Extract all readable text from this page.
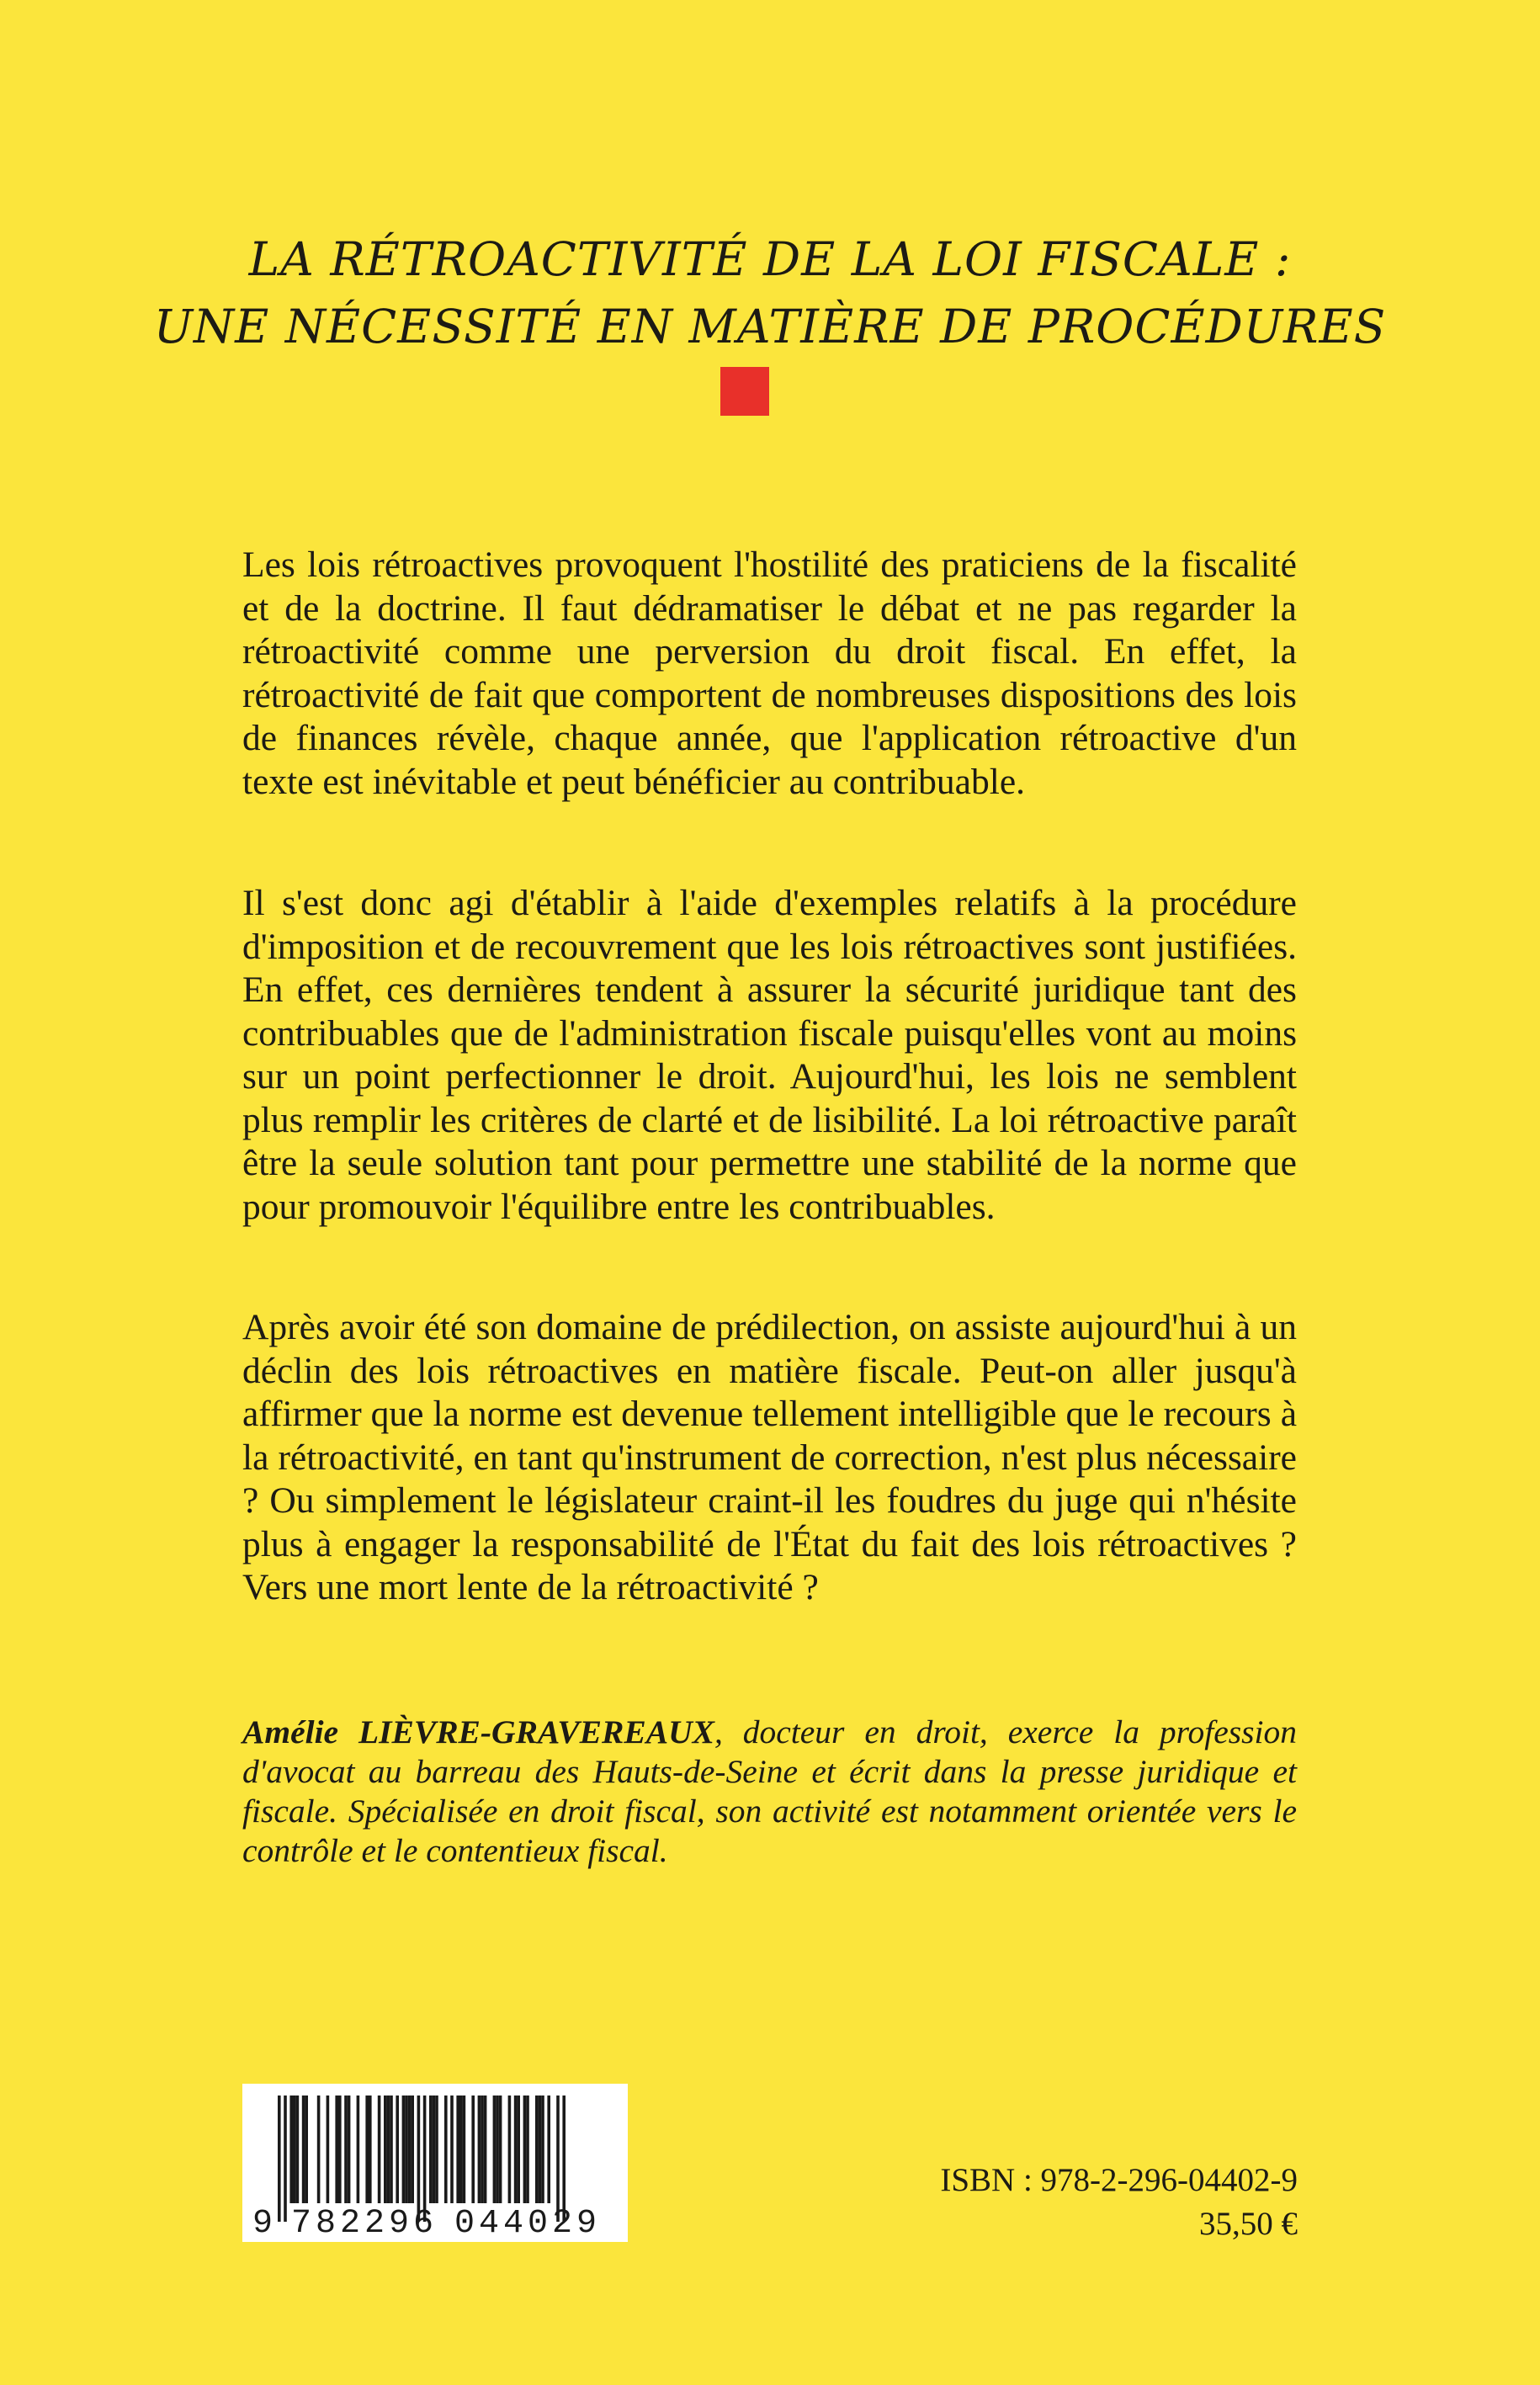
LA RÉTROACTIVITÉ DE LA LOI FISCALE :
UNE NÉCESSITÉ EN MATIÈRE DE PROCÉDURES

Les lois rétroactives provoquent l'hostilité des praticiens de la fiscalité et de la doctrine. Il faut dédramatiser le débat et ne pas regarder la rétroactivité comme une perversion du droit fiscal. En effet, la rétroactivité de fait que comportent de nombreuses dispositions des lois de finances révèle, chaque année, que l'application rétroactive d'un texte est inévitable et peut bénéficier au contribuable.

Il s'est donc agi d'établir à l'aide d'exemples relatifs à la procédure d'imposition et de recouvrement que les lois rétroactives sont justifiées. En effet, ces dernières tendent à assurer la sécurité juridique tant des contribuables que de l'administration fiscale puisqu'elles vont au moins sur un point perfectionner le droit. Aujourd'hui, les lois ne semblent plus remplir les critères de clarté et de lisibilité. La loi rétroactive paraît être la seule solution tant pour permettre une stabilité de la norme que pour promouvoir l'équilibre entre les contribuables.

Après avoir été son domaine de prédilection, on assiste aujourd'hui à un déclin des lois rétroactives en matière fiscale. Peut-on aller jusqu'à affirmer que la norme est devenue tellement intelligible que le recours à la rétroactivité, en tant qu'instrument de correction, n'est plus nécessaire ? Ou simplement le législateur craint-il les foudres du juge qui n'hésite plus à engager la responsabilité de l'État du fait des lois rétroactives ? Vers une mort lente de la rétroactivité ?

Amélie LIÈVRE-GRAVEREAUX, docteur en droit, exerce la profession d'avocat au barreau des Hauts-de-Seine et écrit dans la presse juridique et fiscale. Spécialisée en droit fiscal, son activité est notamment orientée vers le contrôle et le contentieux fiscal.

9 782296 044029
ISBN : 978-2-296-04402-9
35,50 €
